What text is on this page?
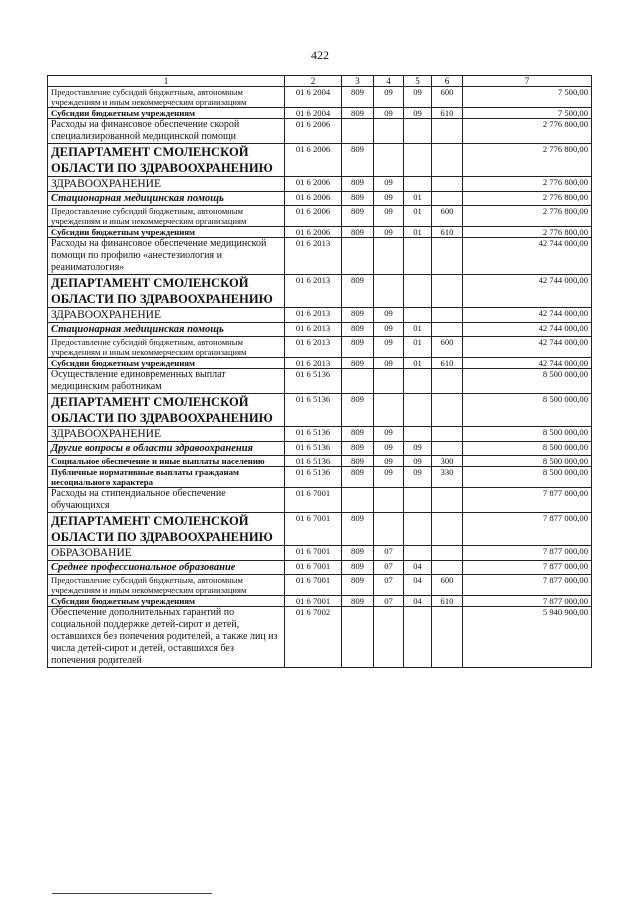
422
1	2	3	4	5	6	7
Предоставление субсидий бюджетным, автономным учреждениям и иным некоммерческим организациям	01 6 2004	809	09	09	600	7 500,00
Субсидии бюджетным учреждениям	01 6 2004	809	09	09	610	7 500,00
Расходы на финансовое обеспечение скорой специализированной медицинской помощи	01 6 2006					2 776 800,00
ДЕПАРТАМЕНТ СМОЛЕНСКОЙ ОБЛАСТИ ПО ЗДРАВООХРАНЕНИЮ	01 6 2006	809				2 776 800,00
ЗДРАВООХРАНЕНИЕ	01 6 2006	809	09			2 776 800,00
Стационарная медицинская помощь	01 6 2006	809	09	01		2 776 800,00
Предоставление субсидий бюджетным, автономным учреждениям и иным некоммерческим организациям	01 6 2006	809	09	01	600	2 776 800,00
Субсидии бюджетным учреждениям	01 6 2006	809	09	01	610	2 776 800,00
Расходы на финансовое обеспечение медицинской помощи по профилю «анестезиология и реаниматология»	01 6 2013					42 744 000,00
ДЕПАРТАМЕНТ СМОЛЕНСКОЙ ОБЛАСТИ ПО ЗДРАВООХРАНЕНИЮ	01 6 2013	809				42 744 000,00
ЗДРАВООХРАНЕНИЕ	01 6 2013	809	09			42 744 000,00
Стационарная медицинская помощь	01 6 2013	809	09	01		42 744 000,00
Предоставление субсидий бюджетным, автономным учреждениям и иным некоммерческим организациям	01 6 2013	809	09	01	600	42 744 000,00
Субсидии бюджетным учреждениям	01 6 2013	809	09	01	610	42 744 000,00
Осуществление единовременных выплат медицинским работникам	01 6 5136					8 500 000,00
ДЕПАРТАМЕНТ СМОЛЕНСКОЙ ОБЛАСТИ ПО ЗДРАВООХРАНЕНИЮ	01 6 5136	809				8 500 000,00
ЗДРАВООХРАНЕНИЕ	01 6 5136	809	09			8 500 000,00
Другие вопросы в области здравоохранения	01 6 5136	809	09	09		8 500 000,00
Социальное обеспечение и иные выплаты населению	01 6 5136	809	09	09	300	8 500 000,00
Публичные нормативные выплаты гражданам несоциального характера	01 6 5136	809	09	09	330	8 500 000,00
Расходы на стипендиальное обеспечение обучающихся	01 6 7001					7 877 000,00
ДЕПАРТАМЕНТ СМОЛЕНСКОЙ ОБЛАСТИ ПО ЗДРАВООХРАНЕНИЮ	01 6 7001	809				7 877 000,00
ОБРАЗОВАНИЕ	01 6 7001	809	07			7 877 000,00
Среднее профессиональное образование	01 6 7001	809	07	04		7 877 000,00
Предоставление субсидий бюджетным, автономным учреждениям и иным некоммерческим организациям	01 6 7001	809	07	04	600	7 877 000,00
Субсидии бюджетным учреждениям	01 6 7001	809	07	04	610	7 877 000,00
Обеспечение дополнительных гарантий по социальной поддержке детей-сирот и детей, оставшихся без попечения родителей, а также лиц из числа детей-сирот и детей, оставшихся без попечения родителей	01 6 7002					5 940 900,00
